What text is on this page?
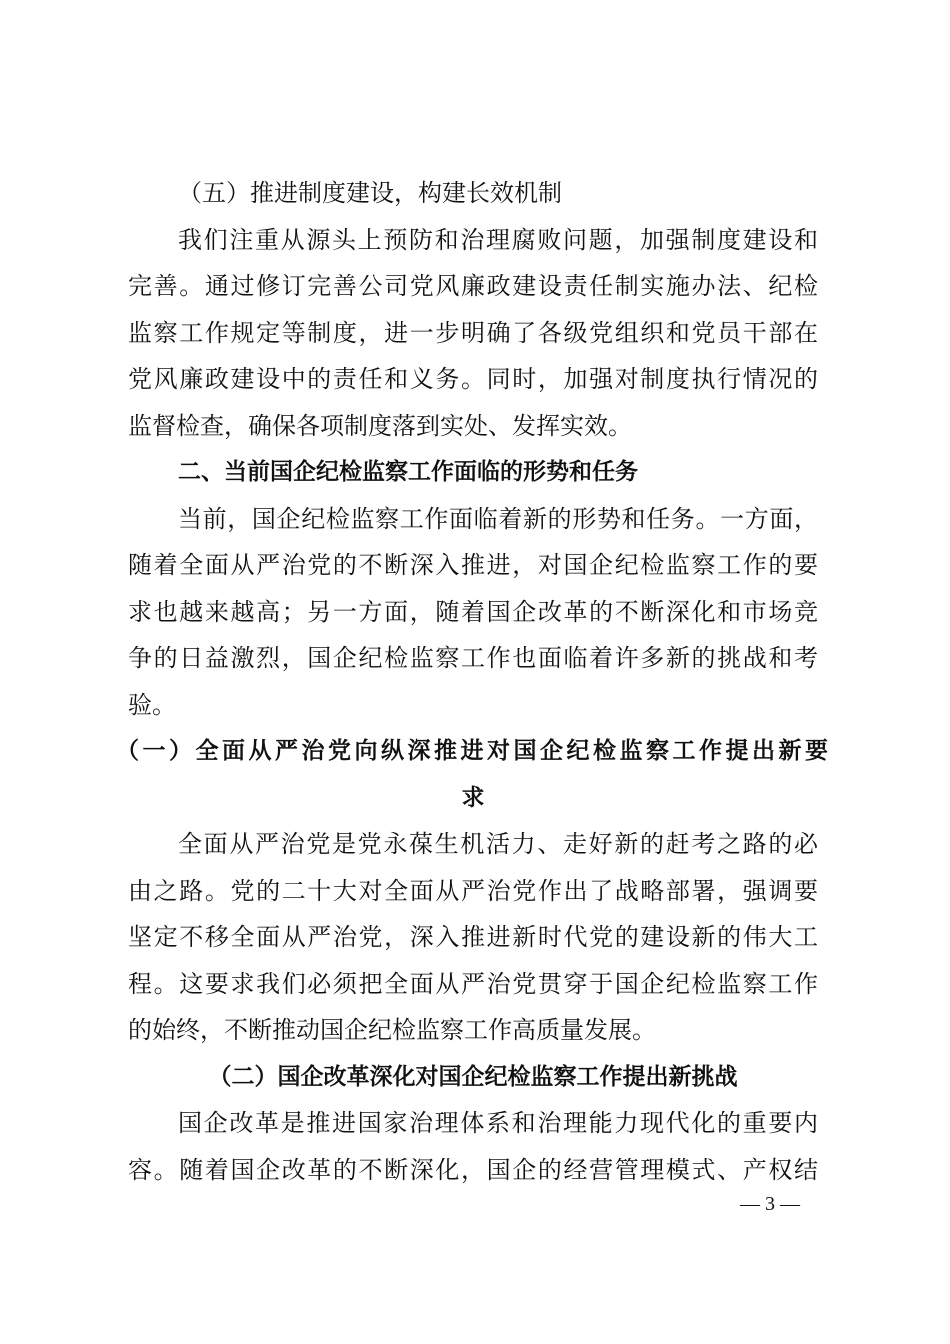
（五）推进制度建设，构建长效机制
我们注重从源头上预防和治理腐败问题，加强制度建设和
完善。通过修订完善公司党风廉政建设责任制实施办法、纪检
监察工作规定等制度，进一步明确了各级党组织和党员干部在
党风廉政建设中的责任和义务。同时，加强对制度执行情况的
监督检查，确保各项制度落到实处、发挥实效。
二、当前国企纪检监察工作面临的形势和任务
当前，国企纪检监察工作面临着新的形势和任务。一方面，
随着全面从严治党的不断深入推进，对国企纪检监察工作的要
求也越来越高；另一方面，随着国企改革的不断深化和市场竞
争的日益激烈，国企纪检监察工作也面临着许多新的挑战和考
验。
（一）全面从严治党向纵深推进对国企纪检监察工作提出新要
求
全面从严治党是党永葆生机活力、走好新的赶考之路的必
由之路。党的二十大对全面从严治党作出了战略部署，强调要
坚定不移全面从严治党，深入推进新时代党的建设新的伟大工
程。这要求我们必须把全面从严治党贯穿于国企纪检监察工作
的始终，不断推动国企纪检监察工作高质量发展。
（二）国企改革深化对国企纪检监察工作提出新挑战
国企改革是推进国家治理体系和治理能力现代化的重要内
容。随着国企改革的不断深化，国企的经营管理模式、产权结
— 3 —
